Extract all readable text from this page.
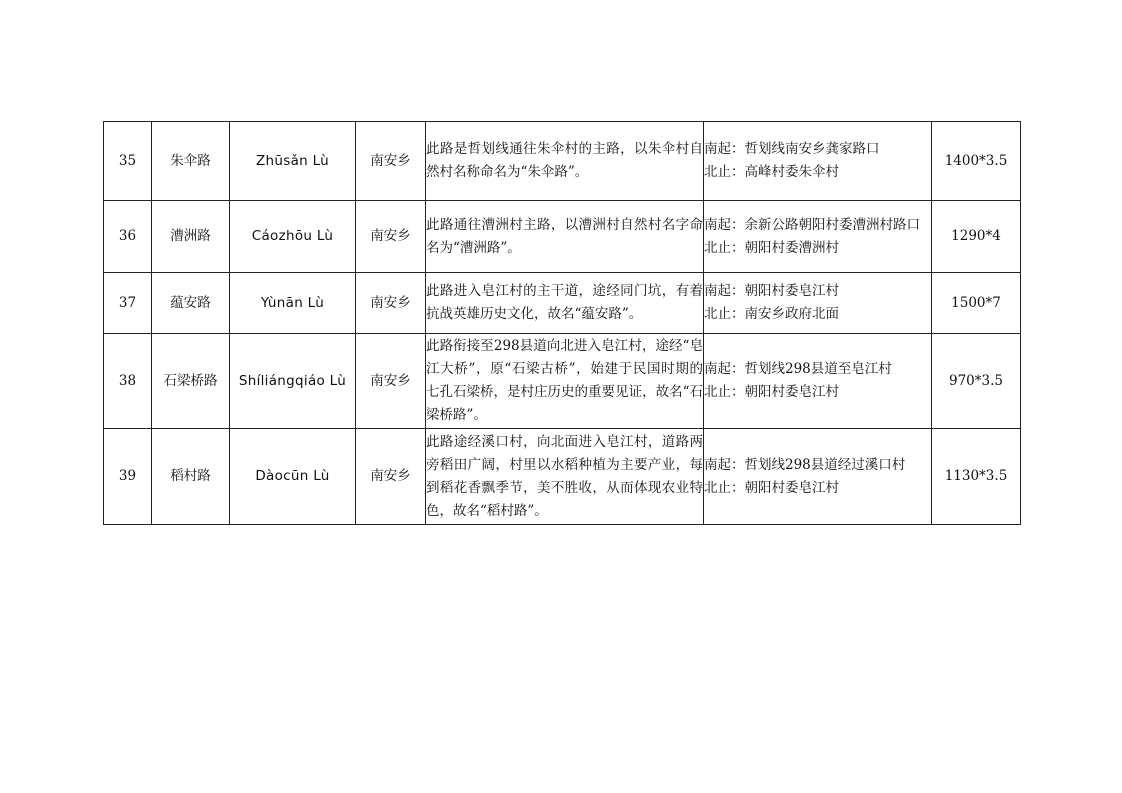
35	朱伞路	Zhūsǎn Lù	南安乡	此路是哲划线通往朱伞村的主路，以朱伞村自然村名称命名为“朱伞路”。	南起：哲划线南安乡龚家路口
北止：高峰村委朱伞村	1400*3.5
36	漕洲路	Cáozhōu Lù	南安乡	此路通往漕洲村主路，以漕洲村自然村名字命名为“漕洲路”。	南起：余新公路朝阳村委漕洲村路口
北止：朝阳村委漕洲村	1290*4
37	蕴安路	Yùnān Lù	南安乡	此路进入皂江村的主干道，途经同门坑，有着抗战英雄历史文化，故名“蕴安路”。	南起：朝阳村委皂江村
北止：南安乡政府北面	1500*7
38	石梁桥路	Shíliángqiáo Lù	南安乡	此路衔接至298县道向北进入皂江村，途经“皂江大桥”，原“石梁古桥”，始建于民国时期的七孔石梁桥，是村庄历史的重要见证，故名“石梁桥路”。	南起：哲划线298县道至皂江村
北止：朝阳村委皂江村	970*3.5
39	稻村路	Dàocūn Lù	南安乡	此路途经溪口村，向北面进入皂江村，道路两旁稻田广阔，村里以水稻种植为主要产业，每到稻花香飘季节，美不胜收，从而体现农业特色，故名“稻村路”。	南起：哲划线298县道经过溪口村
北止：朝阳村委皂江村	1130*3.5
